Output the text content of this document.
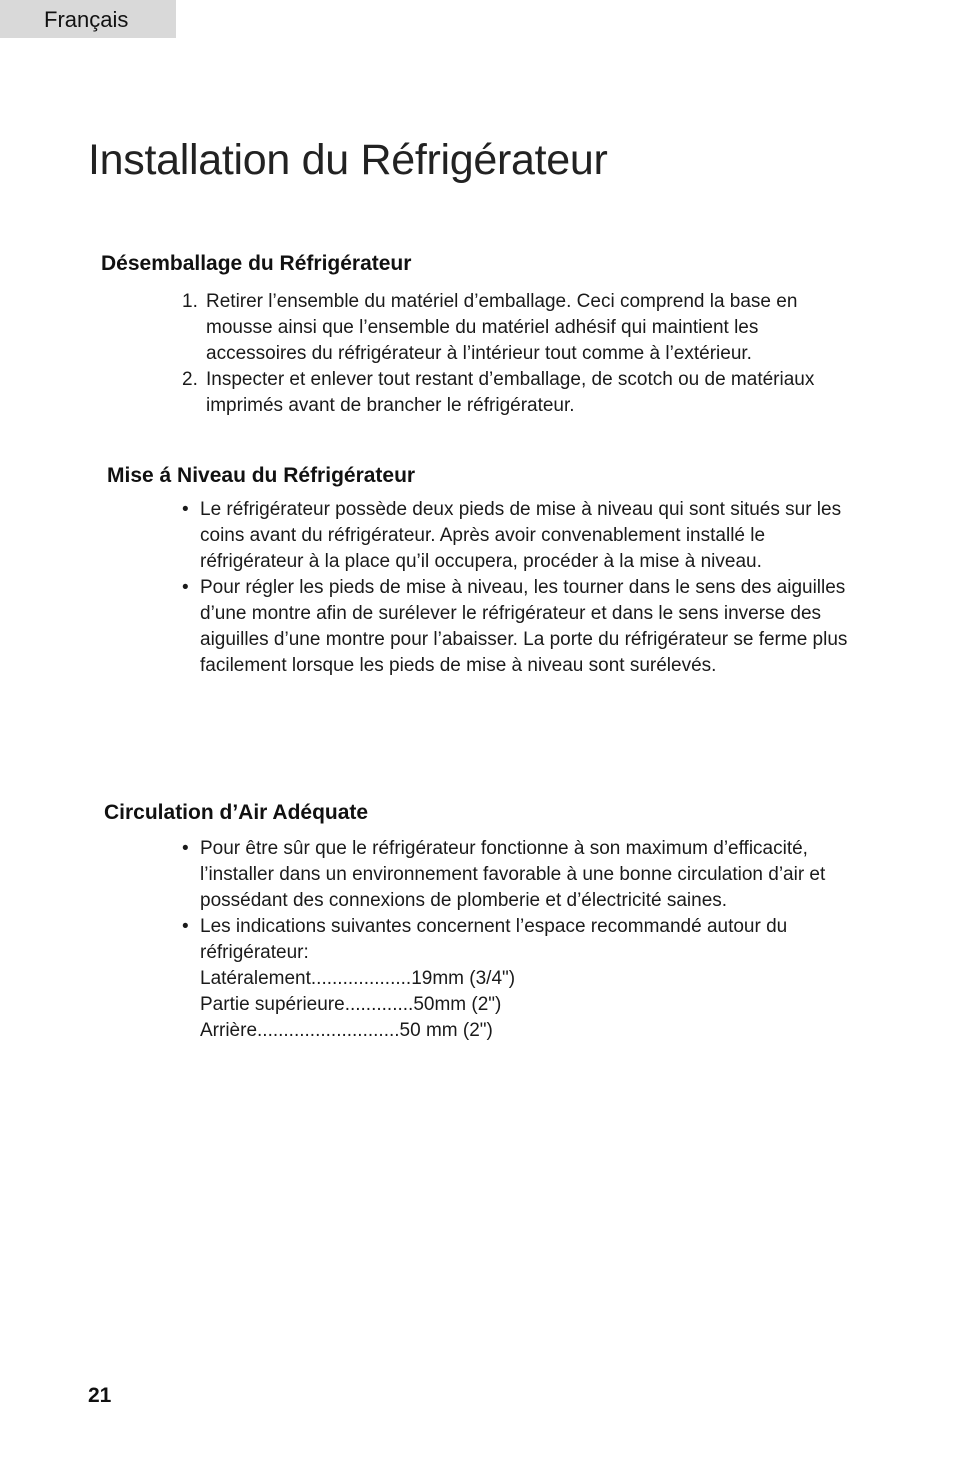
Français
Installation du Réfrigérateur
Désemballage du Réfrigérateur
1. Retirer l’ensemble du matériel d’emballage. Ceci comprend la base en mousse ainsi que l’ensemble du matériel adhésif qui maintient les accessoires du réfrigérateur à l’intérieur tout comme à l’extérieur.
2. Inspecter et enlever tout restant d’emballage, de scotch ou de matériaux imprimés avant de brancher le réfrigérateur.
Mise á Niveau du Réfrigérateur
• Le réfrigérateur possède deux pieds de mise à niveau qui sont situés sur les coins avant du réfrigérateur. Après avoir convenablement installé le réfrigérateur à la place qu’il occupera, procéder à la mise à niveau.
• Pour régler les pieds de mise à niveau, les tourner dans le sens des aiguilles d’une montre afin de surélever le réfrigérateur et dans le sens inverse des aiguilles d’une montre pour l’abaisser. La porte du réfrigérateur se ferme plus facilement lorsque les pieds de mise à niveau sont surélevés.
Circulation d’Air Adéquate
• Pour être sûr que le réfrigérateur fonctionne à son maximum d’efficacité, l’installer dans un environnement favorable à une bonne circulation d’air et possédant des connexions de plomberie et d’électricité saines.
• Les indications suivantes concernent l’espace recommandé autour du réfrigérateur:
Latéralement...................19mm (3/4")
Partie supérieure.............50mm (2")
Arrière...........................50 mm (2")
21
